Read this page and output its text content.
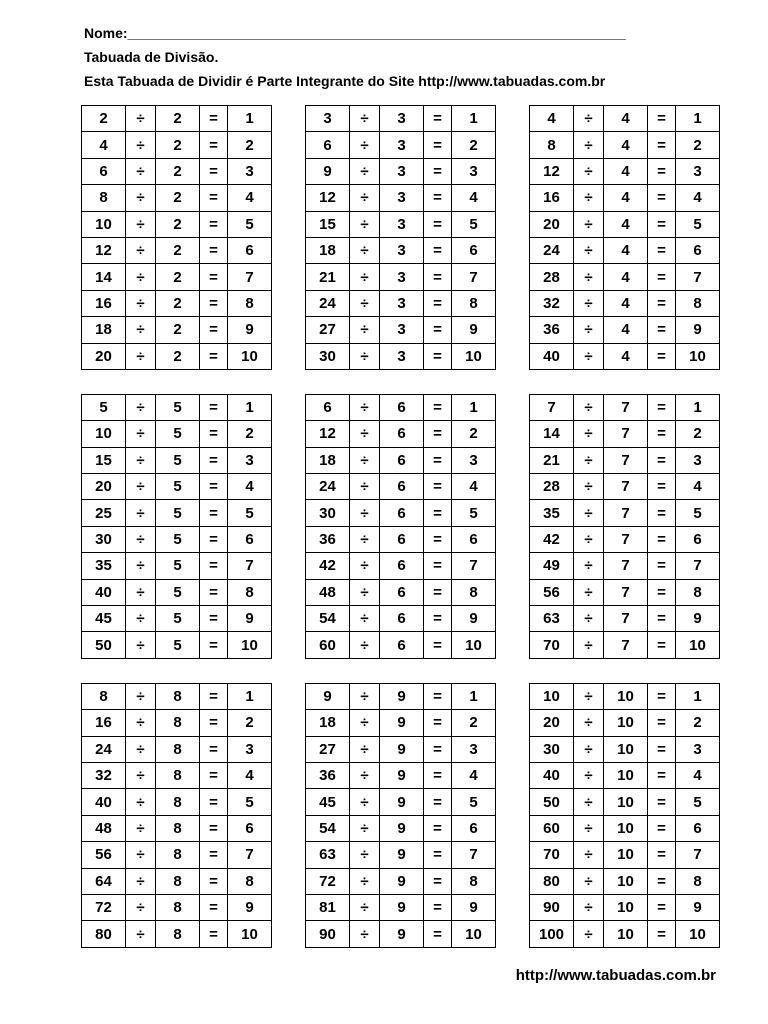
Nome:________________________________________________________________
Tabuada de Divisão.
Esta Tabuada de Dividir é Parte Integrante do Site http://www.tabuadas.com.br
2	÷	2	=	1
4	÷	2	=	2
6	÷	2	=	3
8	÷	2	=	4
10	÷	2	=	5
12	÷	2	=	6
14	÷	2	=	7
16	÷	2	=	8
18	÷	2	=	9
20	÷	2	=	10
3	÷	3	=	1
6	÷	3	=	2
9	÷	3	=	3
12	÷	3	=	4
15	÷	3	=	5
18	÷	3	=	6
21	÷	3	=	7
24	÷	3	=	8
27	÷	3	=	9
30	÷	3	=	10
4	÷	4	=	1
8	÷	4	=	2
12	÷	4	=	3
16	÷	4	=	4
20	÷	4	=	5
24	÷	4	=	6
28	÷	4	=	7
32	÷	4	=	8
36	÷	4	=	9
40	÷	4	=	10
5	÷	5	=	1
10	÷	5	=	2
15	÷	5	=	3
20	÷	5	=	4
25	÷	5	=	5
30	÷	5	=	6
35	÷	5	=	7
40	÷	5	=	8
45	÷	5	=	9
50	÷	5	=	10
6	÷	6	=	1
12	÷	6	=	2
18	÷	6	=	3
24	÷	6	=	4
30	÷	6	=	5
36	÷	6	=	6
42	÷	6	=	7
48	÷	6	=	8
54	÷	6	=	9
60	÷	6	=	10
7	÷	7	=	1
14	÷	7	=	2
21	÷	7	=	3
28	÷	7	=	4
35	÷	7	=	5
42	÷	7	=	6
49	÷	7	=	7
56	÷	7	=	8
63	÷	7	=	9
70	÷	7	=	10
8	÷	8	=	1
16	÷	8	=	2
24	÷	8	=	3
32	÷	8	=	4
40	÷	8	=	5
48	÷	8	=	6
56	÷	8	=	7
64	÷	8	=	8
72	÷	8	=	9
80	÷	8	=	10
9	÷	9	=	1
18	÷	9	=	2
27	÷	9	=	3
36	÷	9	=	4
45	÷	9	=	5
54	÷	9	=	6
63	÷	9	=	7
72	÷	9	=	8
81	÷	9	=	9
90	÷	9	=	10
10	÷	10	=	1
20	÷	10	=	2
30	÷	10	=	3
40	÷	10	=	4
50	÷	10	=	5
60	÷	10	=	6
70	÷	10	=	7
80	÷	10	=	8
90	÷	10	=	9
100	÷	10	=	10
http://www.tabuadas.com.br
